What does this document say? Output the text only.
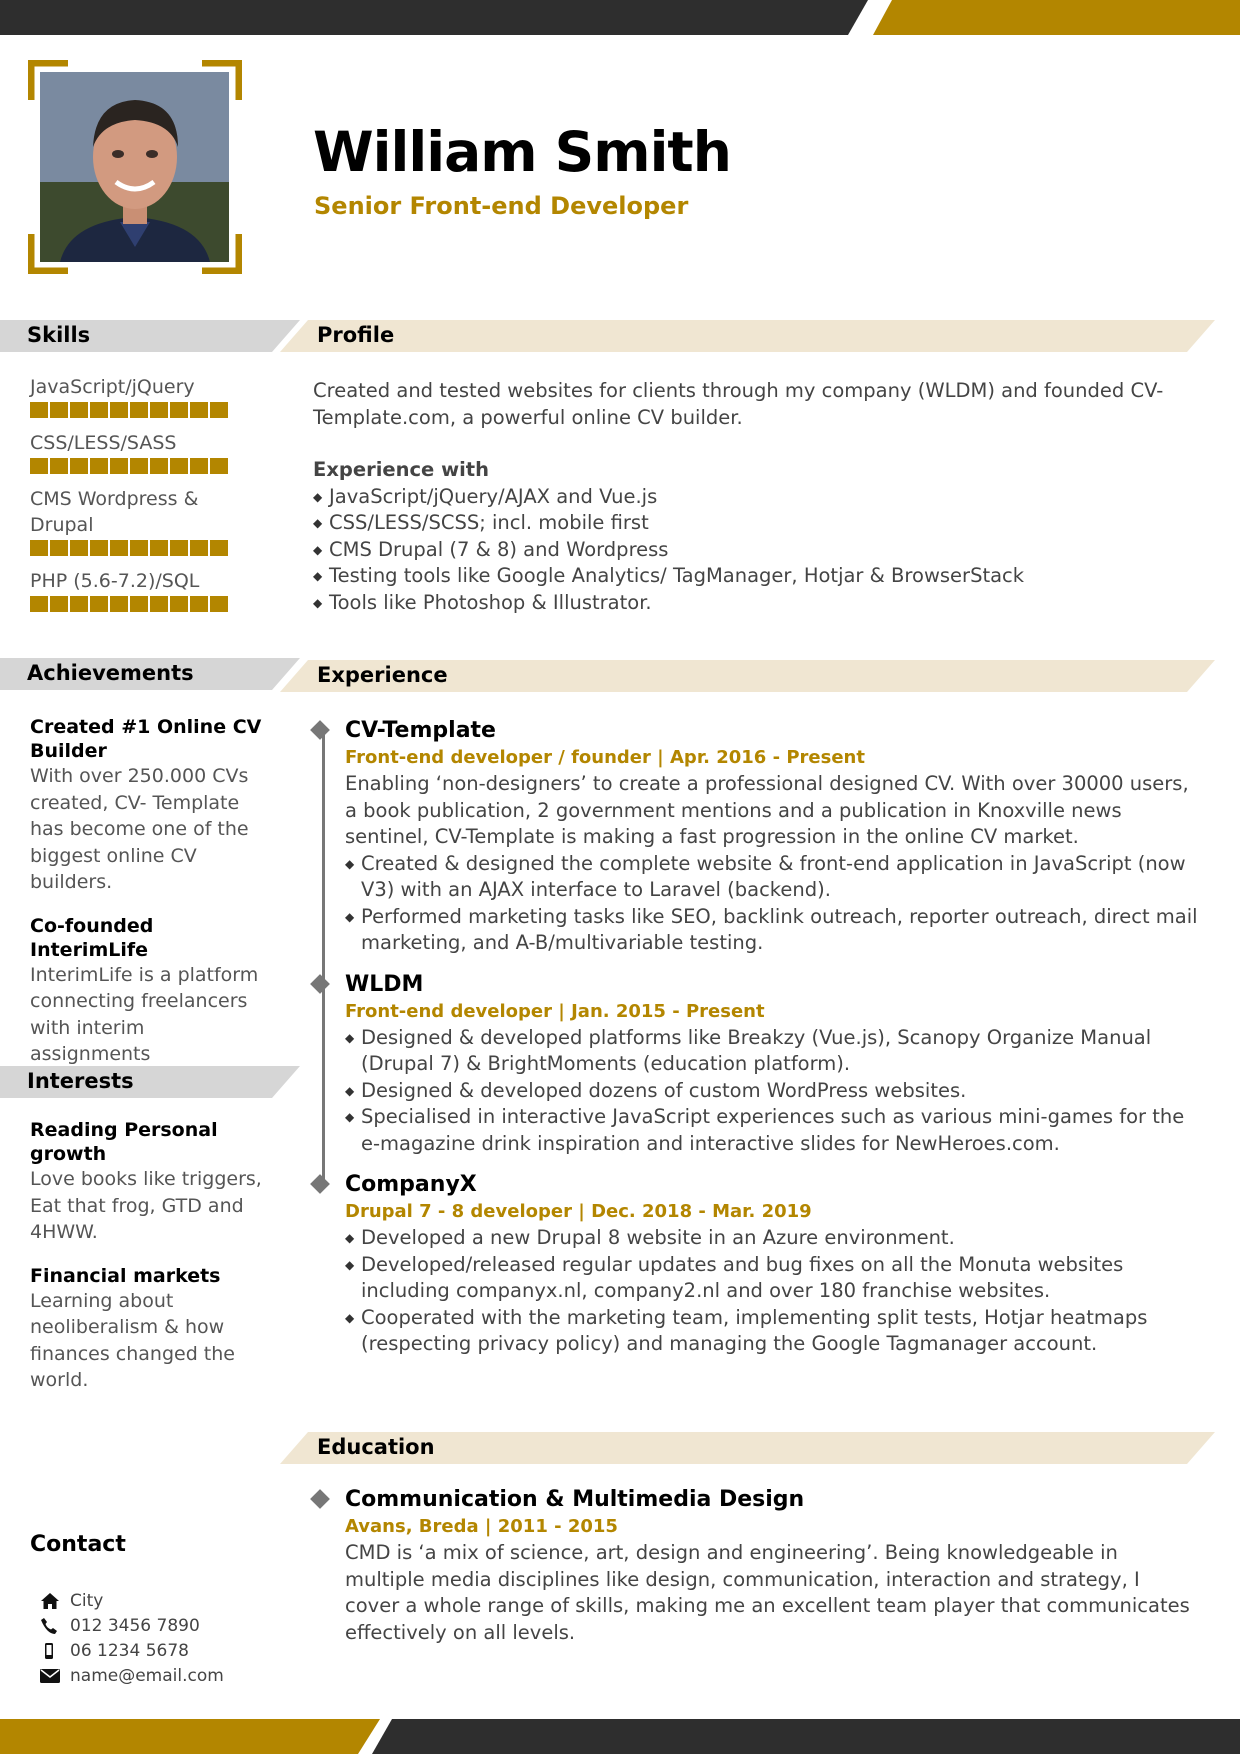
William Smith
Senior Front-end Developer
Skills
JavaScript/jQuery
CSS/LESS/SASS
CMS Wordpress & Drupal
PHP (5.6-7.2)/SQL
Achievements
Created #1 Online CV Builder
With over 250.000 CVs created, CV- Template has become one of the biggest online CV builders.
Co-founded InterimLife
InterimLife is a platform connecting freelancers with interim assignments
Interests
Reading Personal growth
Love books like triggers, Eat that frog, GTD and 4HWW.
Financial markets
Learning about neoliberalism & how finances changed the world.
Contact
City
012 3456 7890
06 1234 5678
name@email.com
Profile
Created and tested websites for clients through my company (WLDM) and founded CV-Template.com, a powerful online CV builder.
Experience with
◆ JavaScript/jQuery/AJAX and Vue.js
◆ CSS/LESS/SCSS; incl. mobile first
◆ CMS Drupal (7 & 8) and Wordpress
◆ Testing tools like Google Analytics/ TagManager, Hotjar & BrowserStack
◆ Tools like Photoshop & Illustrator.
Experience
CV-Template
Front-end developer / founder | Apr. 2016 - Present
Enabling ‘non-designers’ to create a professional designed CV. With over 30000 users, a book publication, 2 government mentions and a publication in Knoxville news sentinel, CV-Template is making a fast progression in the online CV market.
◆ Created & designed the complete website & front-end application in JavaScript (now V3) with an AJAX interface to Laravel (backend).
◆ Performed marketing tasks like SEO, backlink outreach, reporter outreach, direct mail marketing, and A-B/multivariable testing.
WLDM
Front-end developer | Jan. 2015 - Present
◆ Designed & developed platforms like Breakzy (Vue.js), Scanopy Organize Manual (Drupal 7) & BrightMoments (education platform).
◆ Designed & developed dozens of custom WordPress websites.
◆ Specialised in interactive JavaScript experiences such as various mini-games for the e-magazine drink inspiration and interactive slides for NewHeroes.com.
CompanyX
Drupal 7 - 8 developer | Dec. 2018 - Mar. 2019
◆ Developed a new Drupal 8 website in an Azure environment.
◆ Developed/released regular updates and bug fixes on all the Monuta websites including companyx.nl, company2.nl and over 180 franchise websites.
◆ Cooperated with the marketing team, implementing split tests, Hotjar heatmaps (respecting privacy policy) and managing the Google Tagmanager account.
Education
Communication & Multimedia Design
Avans, Breda | 2011 - 2015
CMD is ‘a mix of science, art, design and engineering’. Being knowledgeable in multiple media disciplines like design, communication, interaction and strategy, I cover a whole range of skills, making me an excellent team player that communicates effectively on all levels.
